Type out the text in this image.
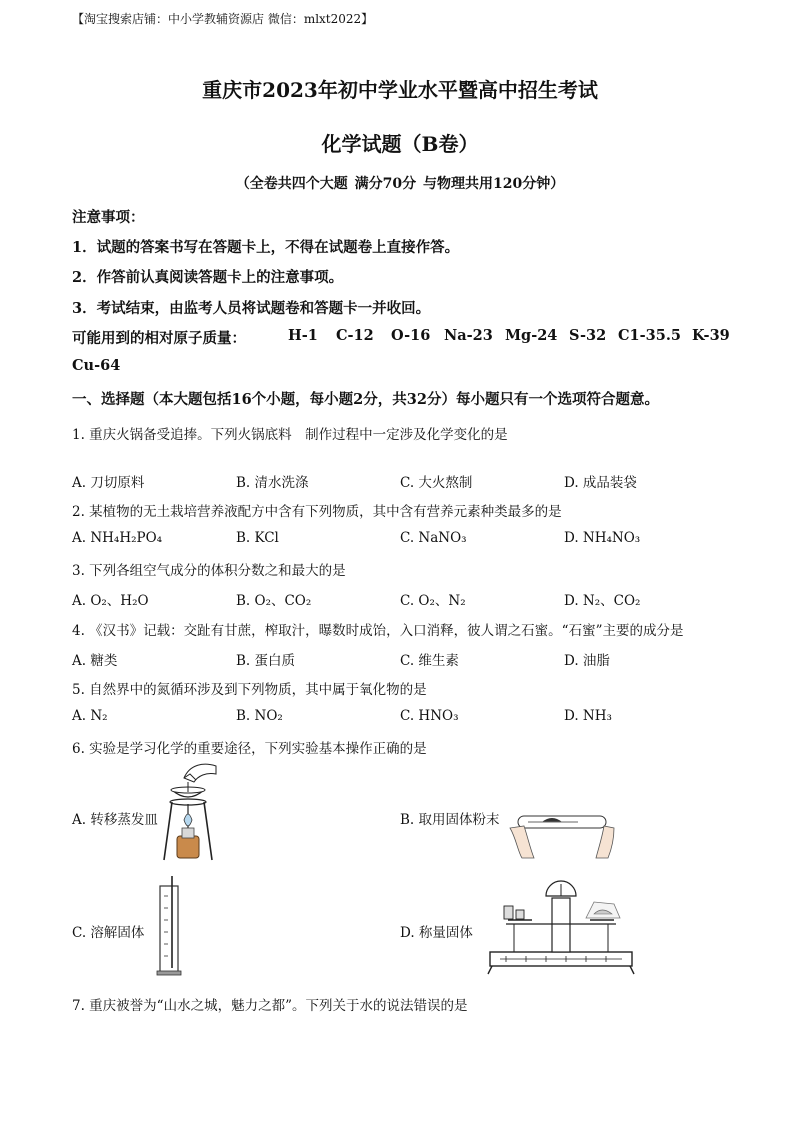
【淘宝搜索店铺：中小学教辅资源店 微信：mlxt2022】
重庆市2023年初中学业水平暨高中招生考试
化学试题（B卷）
（全卷共四个大题 满分70分 与物理共用120分钟）
注意事项：
1．试题的答案书写在答题卡上，不得在试题卷上直接作答。
2．作答前认真阅读答题卡上的注意事项。
3．考试结束，由监考人员将试题卷和答题卡一并收回。
可能用到的相对原子质量：	H-1 C-12 O-16 Na-23 Mg-24 S-32 C1-35.5 K-39
Cu-64
一、选择题（本大题包括16个小题，每小题2分，共32分）每小题只有一个选项符合题意。
1. 重庆火锅备受追捧。下列火锅底料　制作过程中一定涉及化学变化的是
A. 刀切原料	B. 清水洗涤	C. 大火熬制	D. 成品装袋
2. 某植物的无土栽培营养液配方中含有下列物质，其中含有营养元素种类最多的是
A. NH₄H₂PO₄	B. KCl	C. NaNO₃	D. NH₄NO₃
3. 下列各组空气成分的体积分数之和最大的是
A. O₂、H₂O	B. O₂、CO₂	C. O₂、N₂	D. N₂、CO₂
4. 《汉书》记载：交趾有甘蔗，榨取汁，曝数时成饴，入口消释，彼人谓之石蜜。“石蜜”主要的成分是
A. 糖类	B. 蛋白质	C. 维生素	D. 油脂
5. 自然界中的氮循环涉及到下列物质，其中属于氧化物的是
A. N₂	B. NO₂	C. HNO₃	D. NH₃
6. 实验是学习化学的重要途径，下列实验基本操作正确的是
A. 转移蒸发皿	B. 取用固体粉末
C. 溶解固体	D. 称量固体
7. 重庆被誉为“山水之城，魅力之都”。下列关于水的说法错误的是
